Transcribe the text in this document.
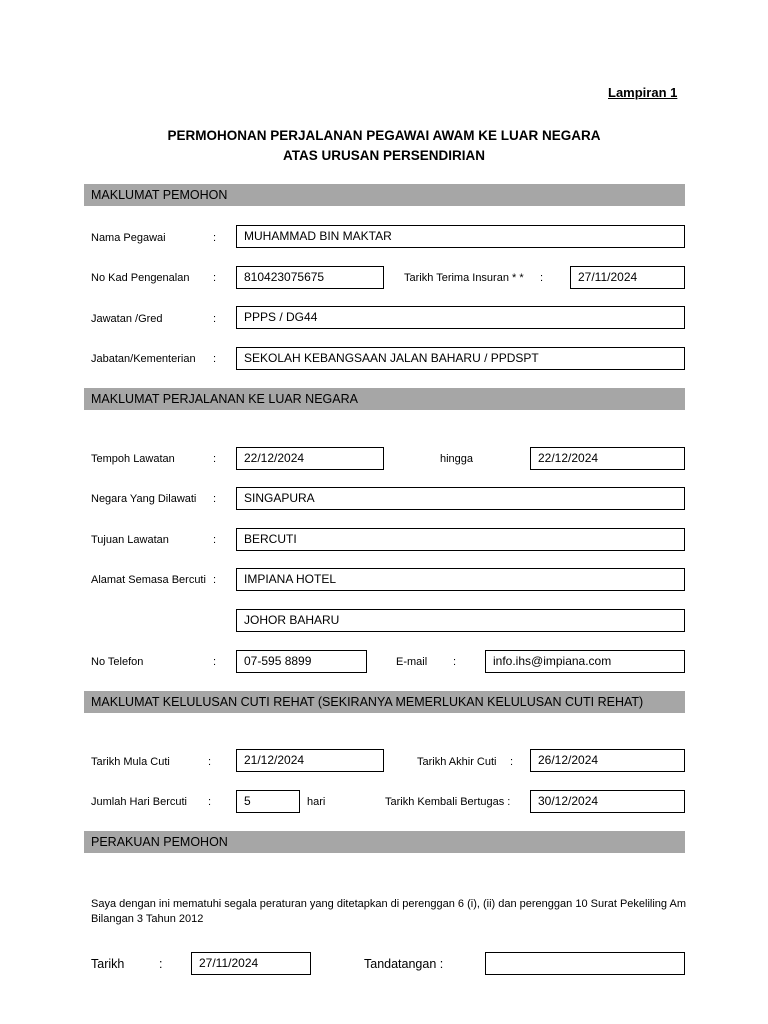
Lampiran 1
PERMOHONAN PERJALANAN PEGAWAI AWAM KE LUAR NEGARA
ATAS URUSAN PERSENDIRIAN
MAKLUMAT PEMOHON
Nama Pegawai	:	MUHAMMAD BIN MAKTAR
No Kad Pengenalan :	810423075675	Tarikh Terima Insuran * * :	27/11/2024
Jawatan /Gred	:	PPPS / DG44
Jabatan/Kementerian :	SEKOLAH KEBANGSAAN JALAN BAHARU / PPDSPT
MAKLUMAT PERJALANAN KE LUAR NEGARA
Tempoh Lawatan	:	22/12/2024	hingga	22/12/2024
Negara Yang Dilawati :	SINGAPURA
Tujuan Lawatan	:	BERCUTI
Alamat Semasa Bercuti :	IMPIANA HOTEL
JOHOR BAHARU
No Telefon	:	07-595 8899	E-mail :	info.ihs@impiana.com
MAKLUMAT KELULUSAN CUTI REHAT (SEKIRANYA MEMERLUKAN KELULUSAN CUTI REHAT)
Tarikh Mula Cuti	:	21/12/2024	Tarikh Akhir Cuti :	26/12/2024
Jumlah Hari Bercuti :	5	hari	Tarikh Kembali Bertugas :	30/12/2024
PERAKUAN PEMOHON
Saya dengan ini mematuhi segala peraturan yang ditetapkan di perenggan 6 (i), (ii) dan perenggan 10 Surat Pekeliling Am Bilangan 3 Tahun 2012
Tarikh	:	27/11/2024	Tandatangan :
